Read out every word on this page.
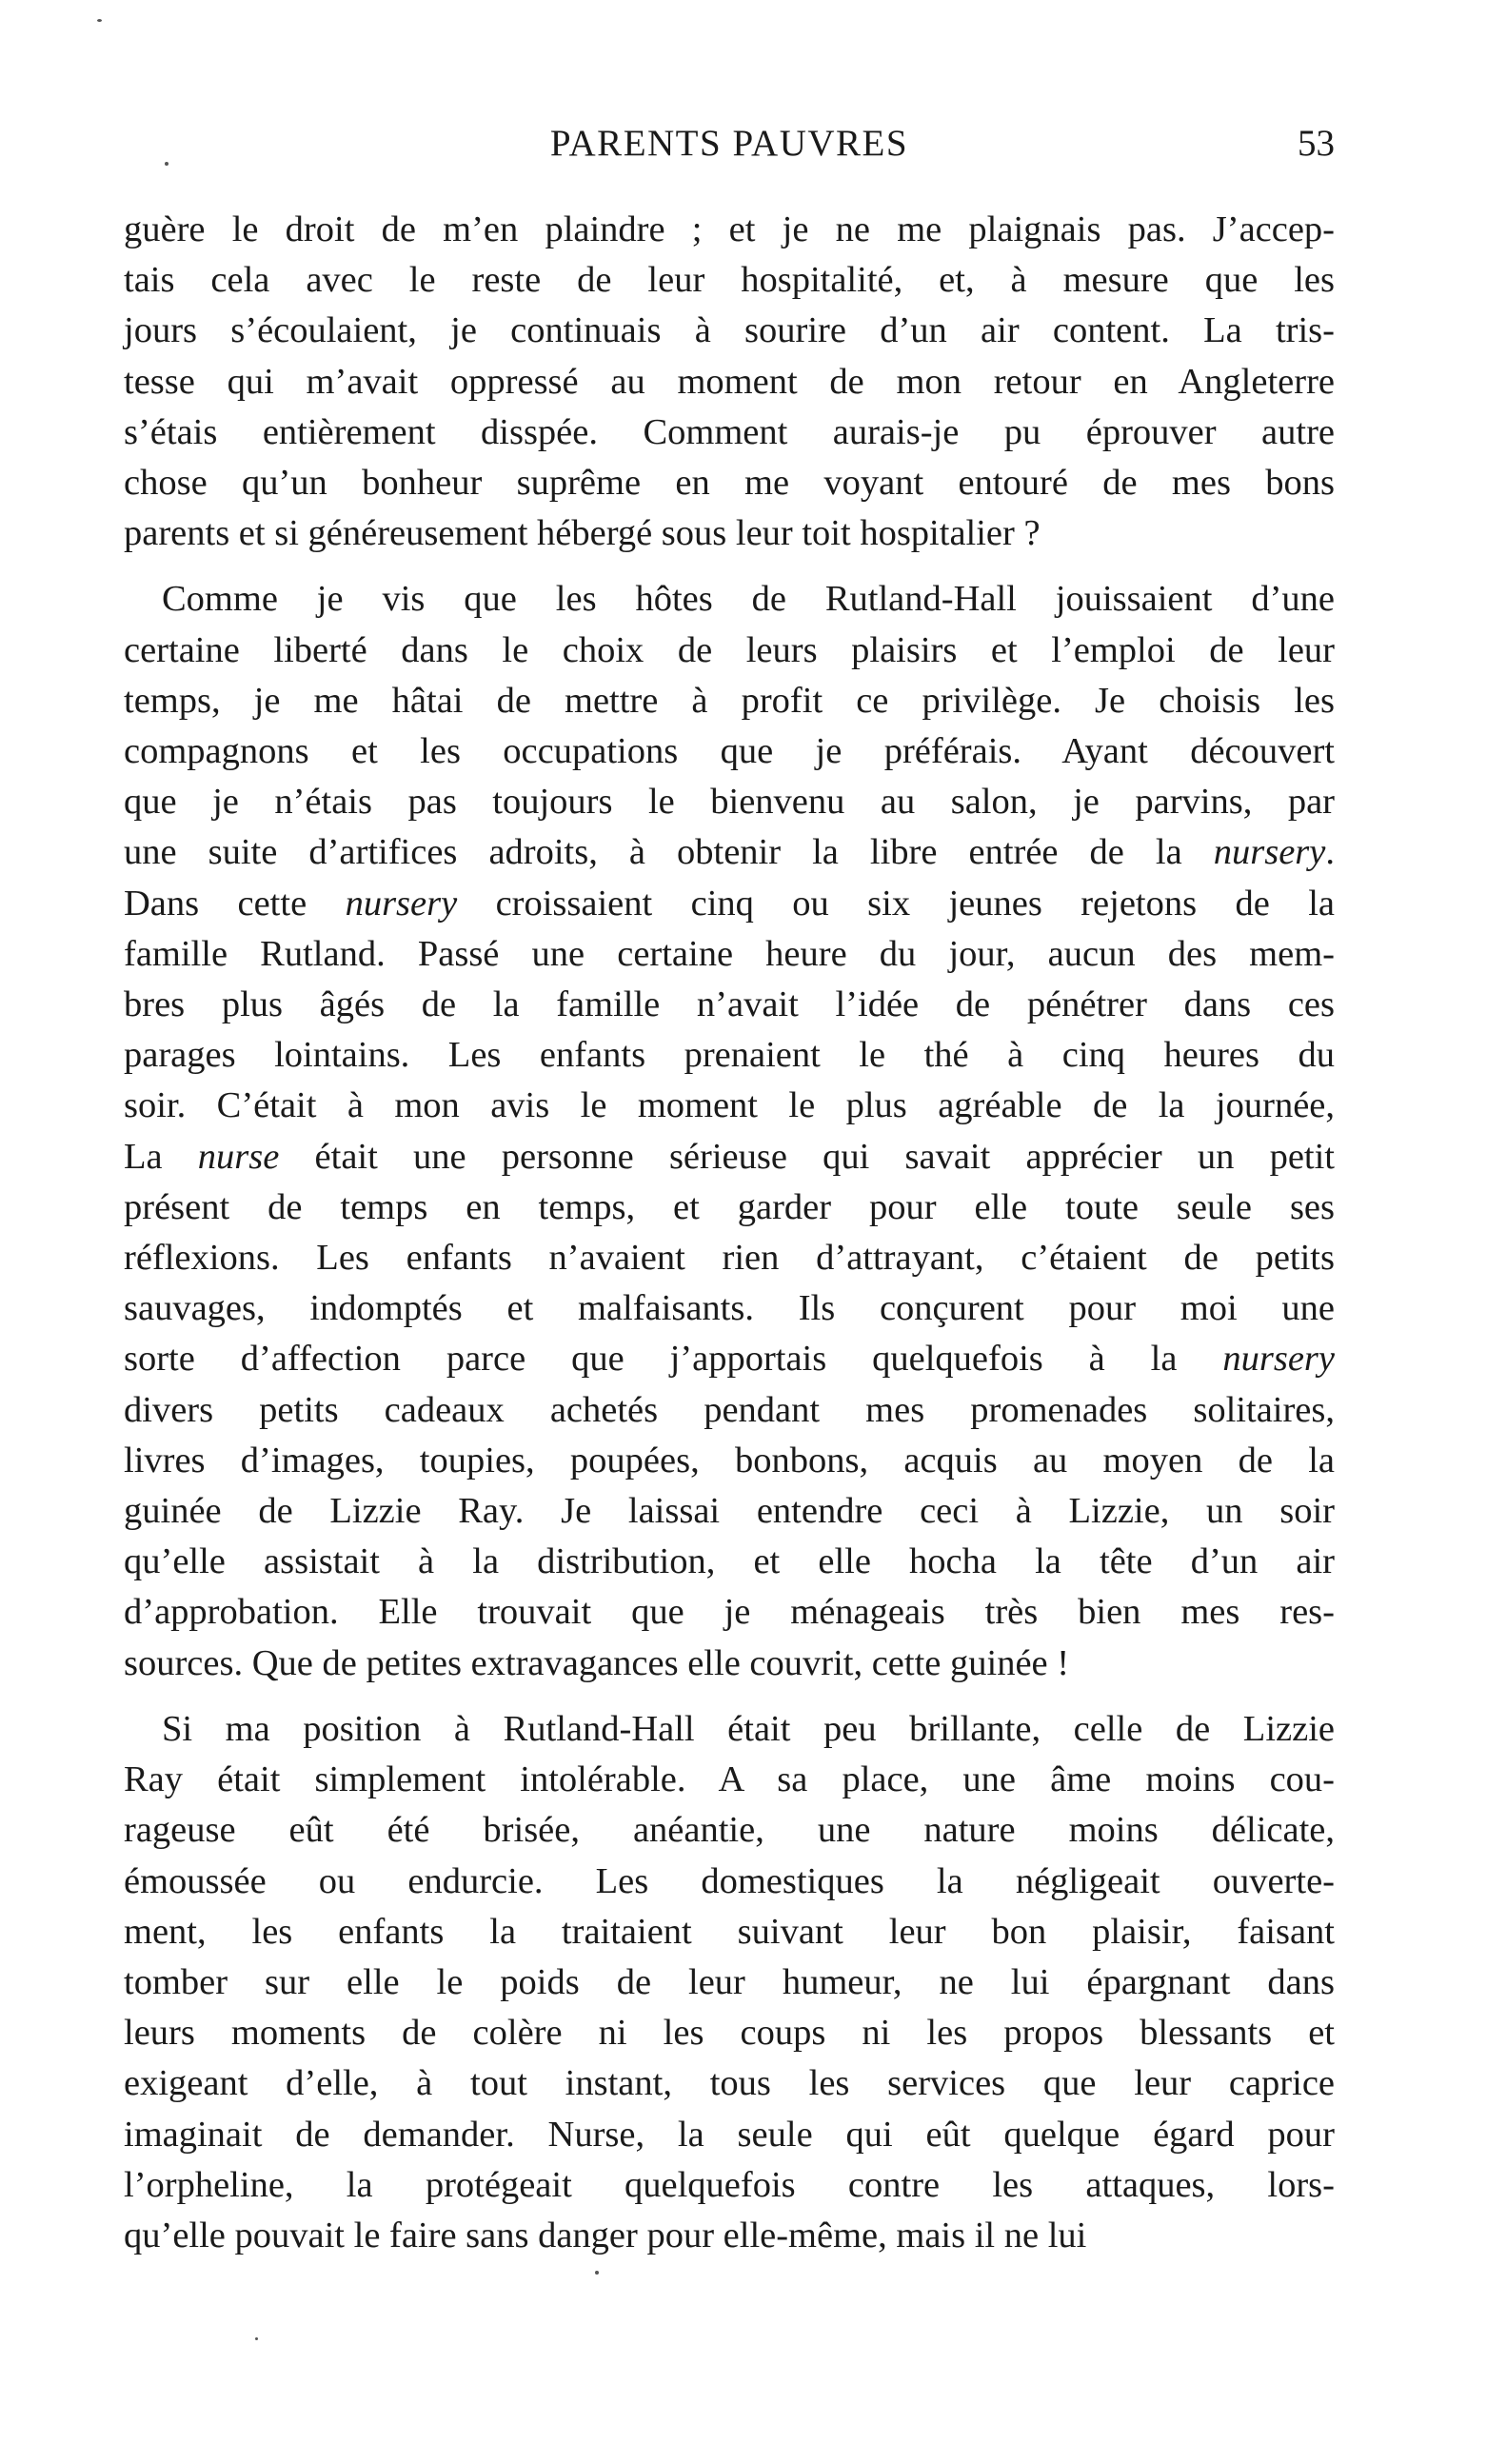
PARENTS PAUVRES	53
guère le droit de m’en plaindre ; et je ne me plaignais pas. J’accep-
tais cela avec le reste de leur hospitalité, et, à mesure que les
jours s’écoulaient, je continuais à sourire d’un air content. La tris-
tesse qui m’avait oppressé au moment de mon retour en Angleterre
s’étais entièrement disspée. Comment aurais-je pu éprouver autre
chose qu’un bonheur suprême en me voyant entouré de mes bons
parents et si généreusement hébergé sous leur toit hospitalier ?
Comme je vis que les hôtes de Rutland-Hall jouissaient d’une
certaine liberté dans le choix de leurs plaisirs et l’emploi de leur
temps, je me hâtai de mettre à profit ce privilège. Je choisis les
compagnons et les occupations que je préférais. Ayant découvert
que je n’étais pas toujours le bienvenu au salon, je parvins, par
une suite d’artifices adroits, à obtenir la libre entrée de la nursery.
Dans cette nursery croissaient cinq ou six jeunes rejetons de la
famille Rutland. Passé une certaine heure du jour, aucun des mem-
bres plus âgés de la famille n’avait l’idée de pénétrer dans ces
parages lointains. Les enfants prenaient le thé à cinq heures du
soir. C’était à mon avis le moment le plus agréable de la journée,
La nurse était une personne sérieuse qui savait apprécier un petit
présent de temps en temps, et garder pour elle toute seule ses
réflexions. Les enfants n’avaient rien d’attrayant, c’étaient de petits
sauvages, indomptés et malfaisants. Ils conçurent pour moi une
sorte d’affection parce que j’apportais quelquefois à la nursery
divers petits cadeaux achetés pendant mes promenades solitaires,
livres d’images, toupies, poupées, bonbons, acquis au moyen de la
guinée de Lizzie Ray. Je laissai entendre ceci à Lizzie, un soir
qu’elle assistait à la distribution, et elle hocha la tête d’un air
d’approbation. Elle trouvait que je ménageais très bien mes res-
sources. Que de petites extravagances elle couvrit, cette guinée !
Si ma position à Rutland-Hall était peu brillante, celle de Lizzie
Ray était simplement intolérable. A sa place, une âme moins cou-
rageuse eût été brisée, anéantie, une nature moins délicate,
émoussée ou endurcie. Les domestiques la négligeait ouverte-
ment, les enfants la traitaient suivant leur bon plaisir, faisant
tomber sur elle le poids de leur humeur, ne lui épargnant dans
leurs moments de colère ni les coups ni les propos blessants et
exigeant d’elle, à tout instant, tous les services que leur caprice
imaginait de demander. Nurse, la seule qui eût quelque égard pour
l’orpheline, la protégeait quelquefois contre les attaques, lors-
qu’elle pouvait le faire sans danger pour elle-même, mais il ne lui
